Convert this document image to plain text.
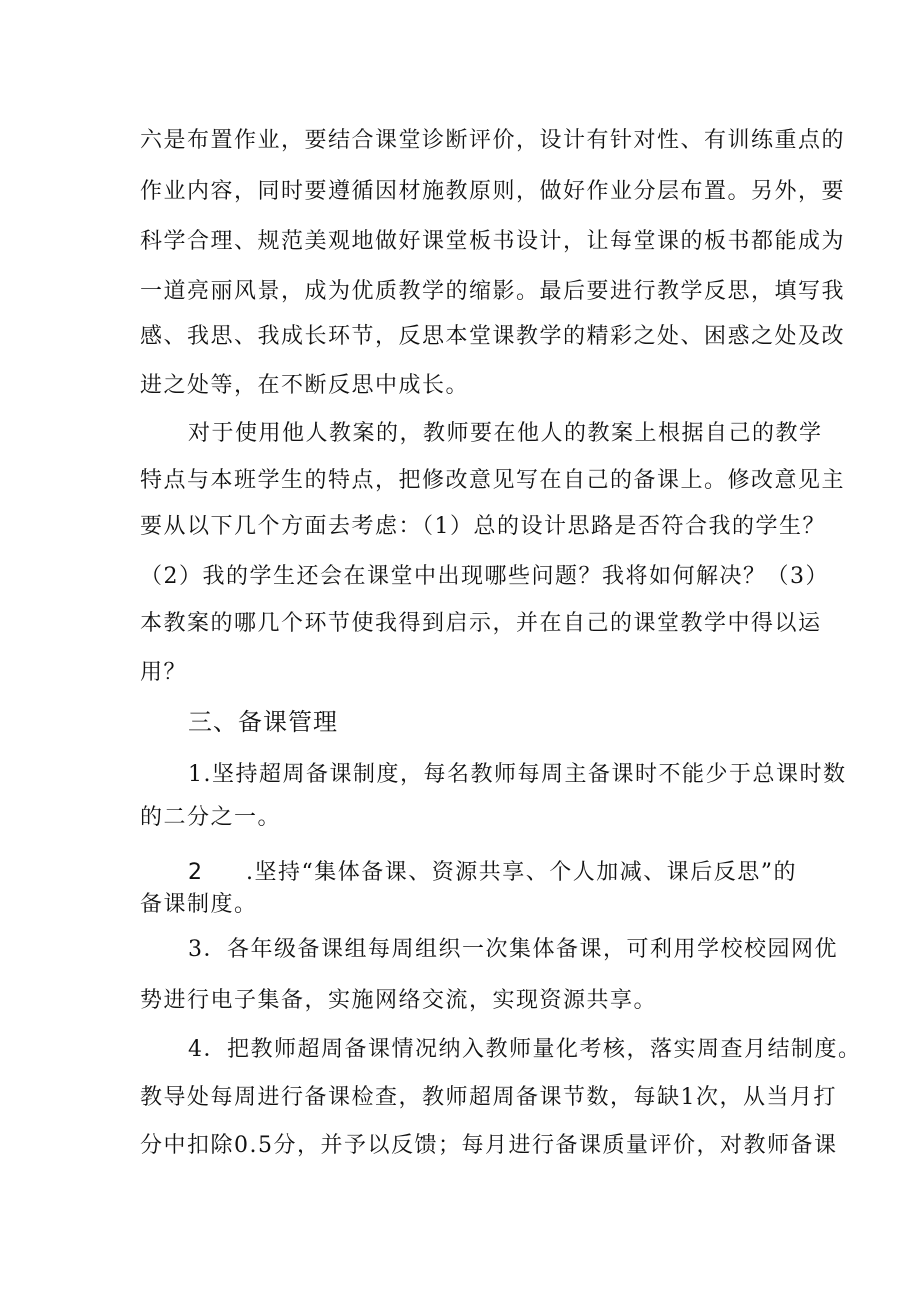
六是布置作业，要结合课堂诊断评价，设计有针对性、有训练重点的
作业内容，同时要遵循因材施教原则，做好作业分层布置。另外，要
科学合理、规范美观地做好课堂板书设计，让每堂课的板书都能成为
一道亮丽风景，成为优质教学的缩影。最后要进行教学反思，填写我
感、我思、我成长环节，反思本堂课教学的精彩之处、困惑之处及改
进之处等，在不断反思中成长。
对于使用他人教案的，教师要在他人的教案上根据自己的教学
特点与本班学生的特点，把修改意见写在自己的备课上。修改意见主
要从以下几个方面去考虑：（1）总的设计思路是否符合我的学生？
（2）我的学生还会在课堂中出现哪些问题？我将如何解决？（3）
本教案的哪几个环节使我得到启示，并在自己的课堂教学中得以运
用？
三、备课管理
1.坚持超周备课制度，每名教师每周主备课时不能少于总课时数
的二分之一。
2	.坚持“集体备课、资源共享、个人加减、课后反思”的
备课制度。
3．各年级备课组每周组织一次集体备课，可利用学校校园网优
势进行电子集备，实施网络交流，实现资源共享。
4．把教师超周备课情况纳入教师量化考核，落实周查月结制度。
教导处每周进行备课检查，教师超周备课节数，每缺1次，从当月打
分中扣除0.5分，并予以反馈；每月进行备课质量评价，对教师备课
